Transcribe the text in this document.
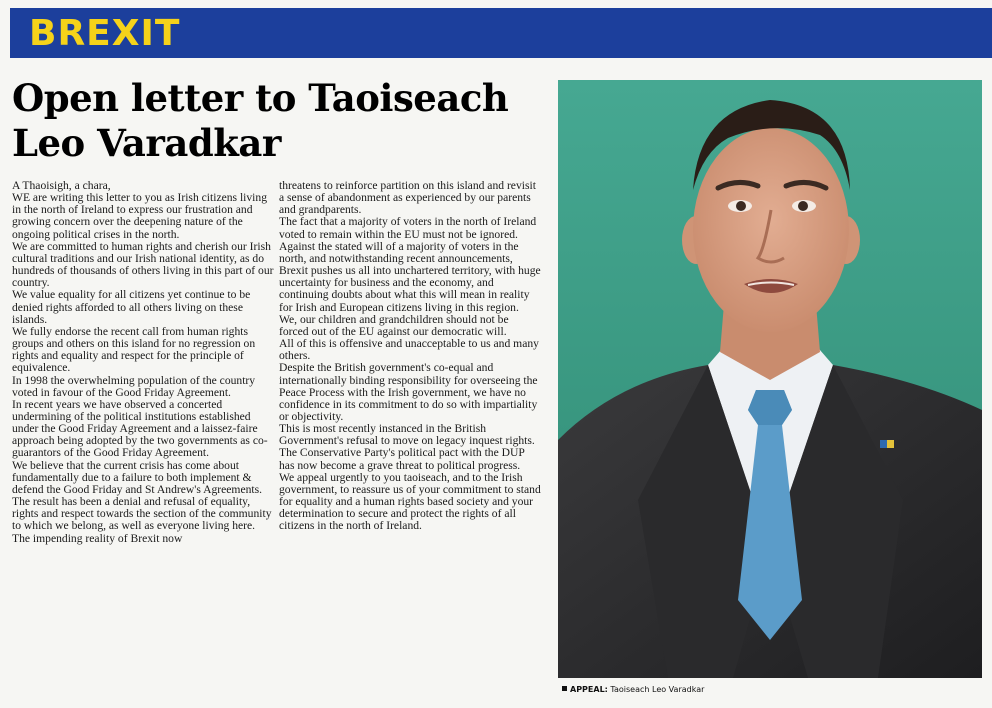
BREXIT
Open letter to Taoiseach Leo Varadkar

A Thaoisigh, a chara,

WE are writing this letter to you as Irish citizens living in the north of Ireland to express our frustration and growing concern over the deepening nature of the ongoing political crises in the north.

We are committed to human rights and cherish our Irish cultural traditions and our Irish national identity, as do hundreds of thousands of others living in this part of our country.

We value equality for all citizens yet continue to be denied rights afforded to all others living on these islands.

We fully endorse the recent call from human rights groups and others on this island for no regression on rights and equality and respect for the principle of equivalence.

In 1998 the overwhelming population of the country voted in favour of the Good Friday Agreement.

In recent years we have observed a concerted undermining of the political institutions established under the Good Friday Agreement and a laissez-faire approach being adopted by the two governments as co-guarantors of the Good Friday Agreement.

We believe that the current crisis has come about fundamentally due to a failure to both implement & defend the Good Friday and St Andrew's Agreements.

The result has been a denial and refusal of equality, rights and respect towards the section of the community to which we belong, as well as everyone living here.

The impending reality of Brexit now

threatens to reinforce partition on this island and revisit a sense of abandonment as experienced by our parents and grandparents.

The fact that a majority of voters in the north of Ireland voted to remain within the EU must not be ignored.

Against the stated will of a majority of voters in the north, and notwithstanding recent announcements, Brexit pushes us all into unchartered territory, with huge uncertainty for business and the economy, and continuing doubts about what this will mean in reality for Irish and European citizens living in this region.

We, our children and grandchildren should not be forced out of the EU against our democratic will.

All of this is offensive and unacceptable to us and many others.

Despite the British government's co-equal and internationally binding responsibility for overseeing the Peace Process with the Irish government, we have no confidence in its commitment to do so with impartiality or objectivity.

This is most recently instanced in the British Government's refusal to move on legacy inquest rights. The Conservative Party's political pact with the DUP has now become a grave threat to political progress.

We appeal urgently to you taoiseach, and to the Irish government, to reassure us of your commitment to stand for equality and a human rights based society and your determination to secure and protect the rights of all citizens in the north of Ireland.

APPEAL: Taoiseach Leo Varadkar
